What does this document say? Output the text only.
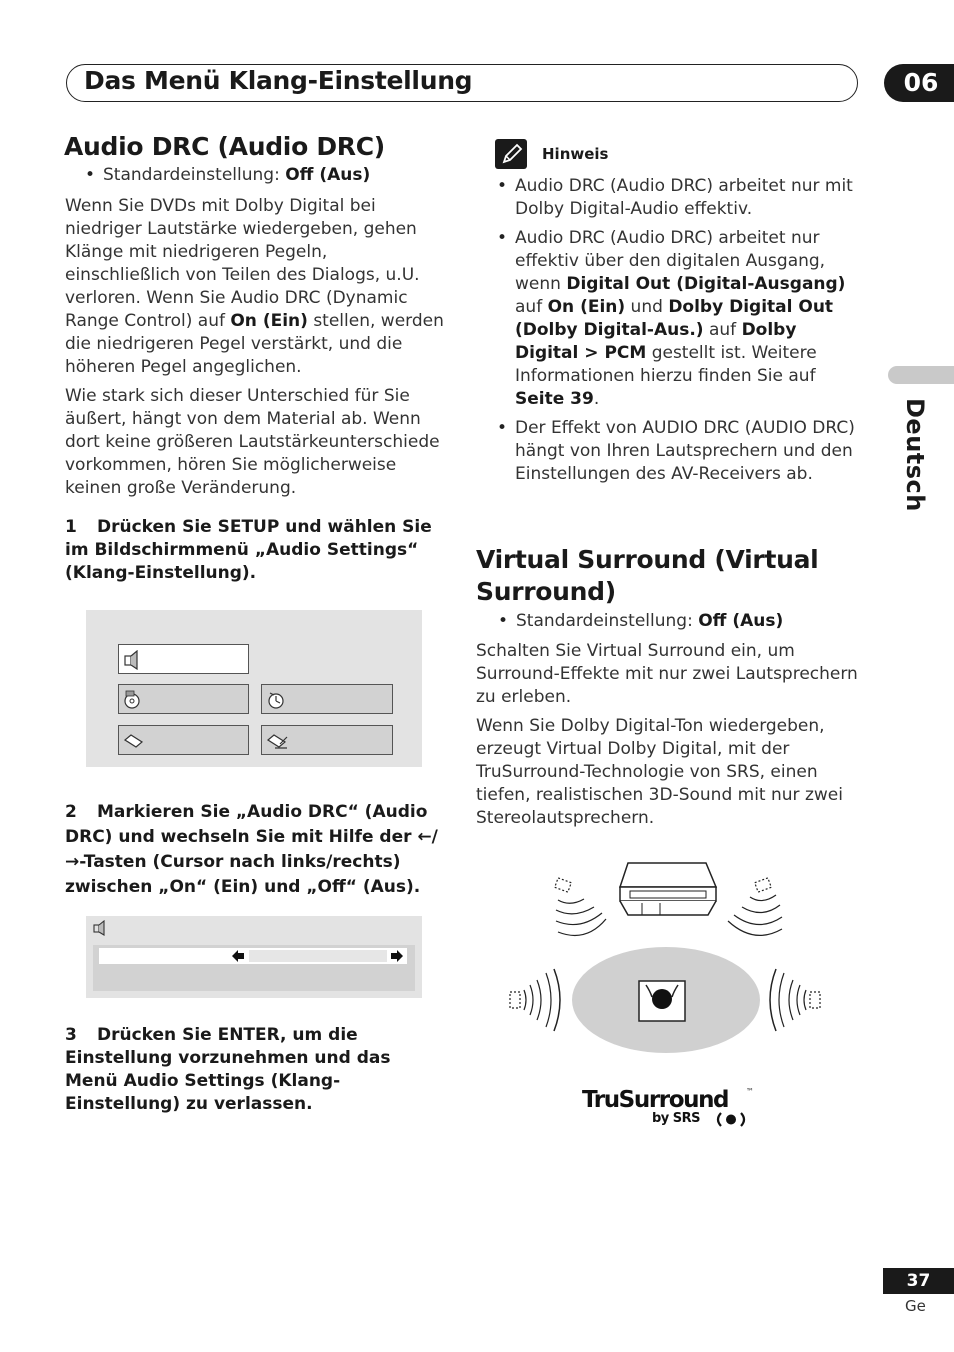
Das Menü Klang-Einstellung	06
Deutsch
Audio DRC (Audio DRC)

• Standardeinstellung: Off (Aus)

Wenn Sie DVDs mit Dolby Digital bei niedriger Lautstärke wiedergeben, gehen Klänge mit niedrigeren Pegeln, einschließlich von Teilen des Dialogs, u.U. verloren. Wenn Sie Audio DRC (Dynamic Range Control) auf On (Ein) stellen, werden die niedrigeren Pegel verstärkt, und die höheren Pegel angeglichen.

Wie stark sich dieser Unterschied für Sie äußert, hängt von dem Material ab. Wenn dort keine größeren Lautstärkeunterschiede vorkommen, hören Sie möglicherweise keinen große Veränderung.

1 Drücken Sie SETUP und wählen Sie im Bildschirmmenü „Audio Settings“ (Klang-Einstellung).
2 Markieren Sie „Audio DRC“ (Audio DRC) und wechseln Sie mit Hilfe der ←/→-Tasten (Cursor nach links/rechts) zwischen „On“ (Ein) und „Off“ (Aus).
3 Drücken Sie ENTER, um die Einstellung vorzunehmen und das Menü Audio Settings (Klang-Einstellung) zu verlassen.
Hinweis

• Audio DRC (Audio DRC) arbeitet nur mit Dolby Digital-Audio effektiv.

• Audio DRC (Audio DRC) arbeitet nur effektiv über den digitalen Ausgang, wenn Digital Out (Digital-Ausgang) auf On (Ein) und Dolby Digital Out (Dolby Digital-Aus.) auf Dolby Digital > PCM gestellt ist. Weitere Informationen hierzu finden Sie auf Seite 39.

• Der Effekt von AUDIO DRC (AUDIO DRC) hängt von Ihren Lautsprechern und den Einstellungen des AV-Receivers ab.

Virtual Surround (Virtual Surround)

• Standardeinstellung: Off (Aus)

Schalten Sie Virtual Surround ein, um Surround-Effekte mit nur zwei Lautsprechern zu erleben.

Wenn Sie Dolby Digital-Ton wiedergeben, erzeugt Virtual Dolby Digital, mit der TruSurround-Technologie von SRS, einen tiefen, realistischen 3D-Sound mit nur zwei Stereolautsprechern.

TruSurround ™
by SRS
37
Ge
